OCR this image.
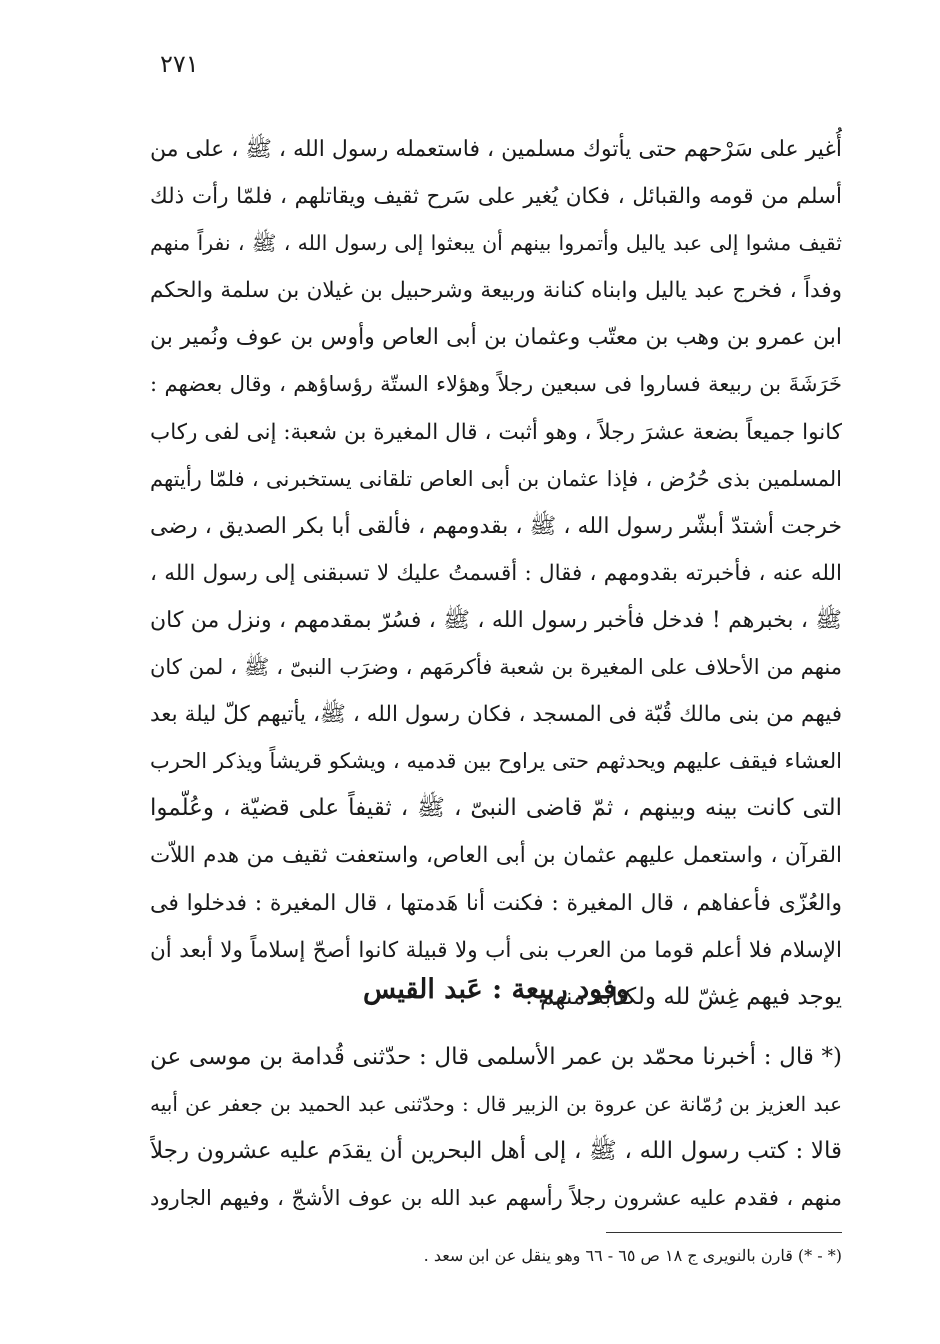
٢٧١
أُغير على سَرْحهم حتى يأتوك مسلمين ، فاستعمله رسول الله ، ﷺ ، على من
أسلم من قومه والقبائل ، فكان يُغير على سَرح ثقيف ويقاتلهم ، فلمّا رأت ذلك
ثقيف مشوا إلى عبد ياليل وأتمروا بينهم أن يبعثوا إلى رسول الله ، ﷺ ، نفراً منهم
وفداً ، فخرج عبد ياليل وابناه كنانة وربيعة وشرحبيل بن غيلان بن سلمة والحكم
ابن عمرو بن وهب بن معتّب وعثمان بن أبى العاص وأوس بن عوف ونُمير بن
خَرَشَةَ بن ربيعة فساروا فى سبعين رجلاً وهؤلاء الستّة رؤساؤهم ، وقال بعضهم :
كانوا جميعاً بضعة عشرَ رجلاً ، وهو أثبت ، قال المغيرة بن شعبة: إنى لفى ركاب
المسلمين بذى حُرُض ، فإذا عثمان بن أبى العاص تلقانى يستخبرنى ، فلمّا رأيتهم
خرجت أشتدّ أبشّر رسول الله ، ﷺ ، بقدومهم ، فألقى أبا بكر الصديق ، رضى
الله عنه ، فأخبرته بقدومهم ، فقال : أقسمتُ عليك لا تسبقنى إلى رسول الله ،
ﷺ ، بخبرهم ! فدخل فأخبر رسول الله ، ﷺ ، فسُرّ بمقدمهم ، ونزل من كان
منهم من الأحلاف على المغيرة بن شعبة فأكرمَهم ، وضرَب النبىّ ، ﷺ ، لمن كان
فيهم من بنى مالك قُبّة فى المسجد ، فكان رسول الله ، ﷺ، يأتيهم كلّ ليلة بعد
العشاء فيقف عليهم ويحدثهم حتى يراوح بين قدميه ، ويشكو قريشاً ويذكر الحرب
التى كانت بينه وبينهم ، ثمّ قاضى النبىّ ، ﷺ ، ثقيفاً على قضيّة ، وعُلّموا
القرآن ، واستعمل عليهم عثمان بن أبى العاص، واستعفت ثقيف من هدم اللاّت
والعُزّى فأعفاهم ، قال المغيرة : فكنت أنا هَدمتها ، قال المغيرة : فدخلوا فى
الإسلام فلا أعلم قوما من العرب بنى أب ولا قبيلة كانوا أصحّ إسلاماً ولا أبعد أن
يوجد فيهم غِشّ لله ولكتابه منهم .
وفود ربيعة : عَبد القيس
(* قال : أخبرنا محمّد بن عمر الأسلمى قال : حدّثنى قُدامة بن موسى عن
عبد العزيز بن رُمّانة عن عروة بن الزبير قال : وحدّثنى عبد الحميد بن جعفر عن أبيه
قالا : كتب رسول الله ، ﷺ ، إلى أهل البحرين أن يقدَم عليه عشرون رجلاً
منهم ، فقدم عليه عشرون رجلاً رأسهم عبد الله بن عوف الأشجّ ، وفيهم الجارود
(* - *) قارن بالنويرى ج ١٨ ص ٦٥ - ٦٦ وهو ينقل عن ابن سعد .
